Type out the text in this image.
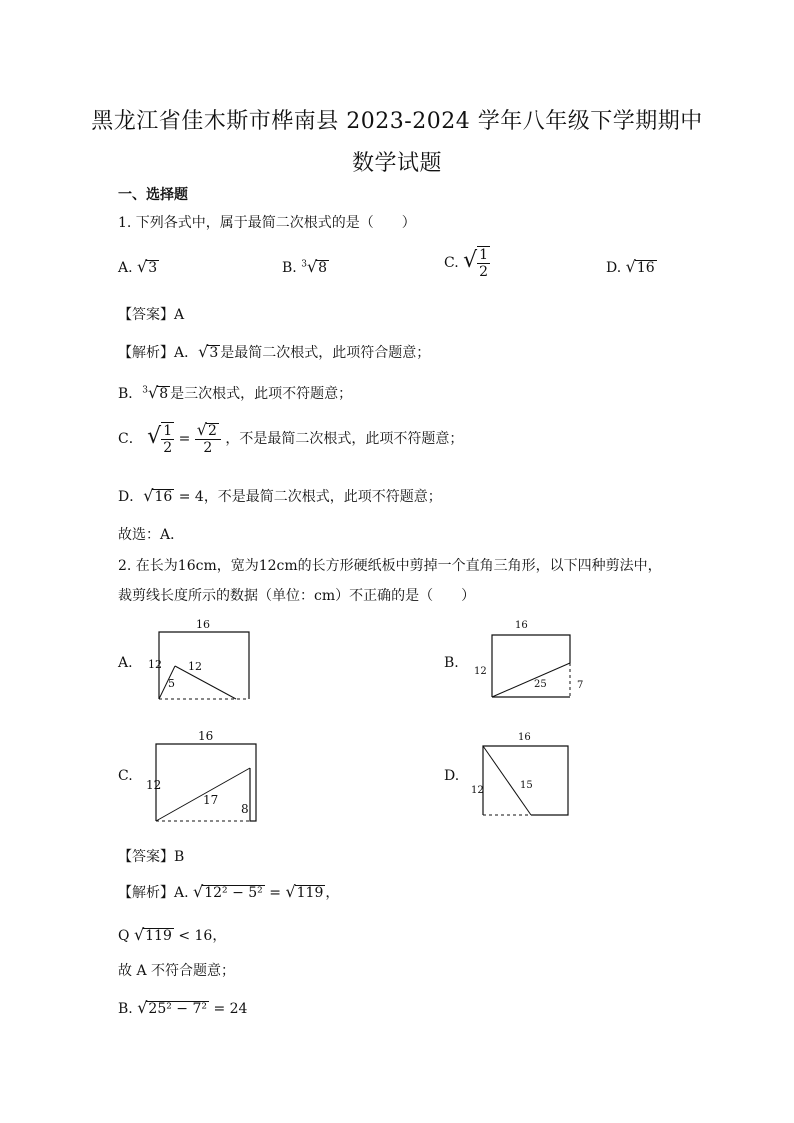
黑龙江省佳木斯市桦南县 2023-2024 学年八年级下学期期中
数学试题
一、选择题
1. 下列各式中，属于最简二次根式的是（　　）
A. √3	B. $^3$√8	C. √ $\frac{1}{2}$	D. √16
【答案】A
【解析】A．√3 是最简二次根式，此项符合题意；
B．$^3$√8 是三次根式，此项不符题意；
C． √ $\frac{1}{2} = \frac{√2}{2}$ ，不是最简二次根式，此项不符题意；
D．√16 = 4，不是最简二次根式，此项不符题意；
故选：A．
2. 在长为16cm，宽为12cm的长方形硬纸板中剪掉一个直角三角形，以下四种剪法中，
裁剪线长度所示的数据（单位：cm）不正确的是（　　）
A.
16
12 12
5
B.
16
12
25	7
C.
16
12
17
8
D.
16
12	15
【答案】B
【解析】A. √12² − 5² = √119 ，
Q √119 < 16，
故 A 不符合题意；
B. √25² − 7² = 24
